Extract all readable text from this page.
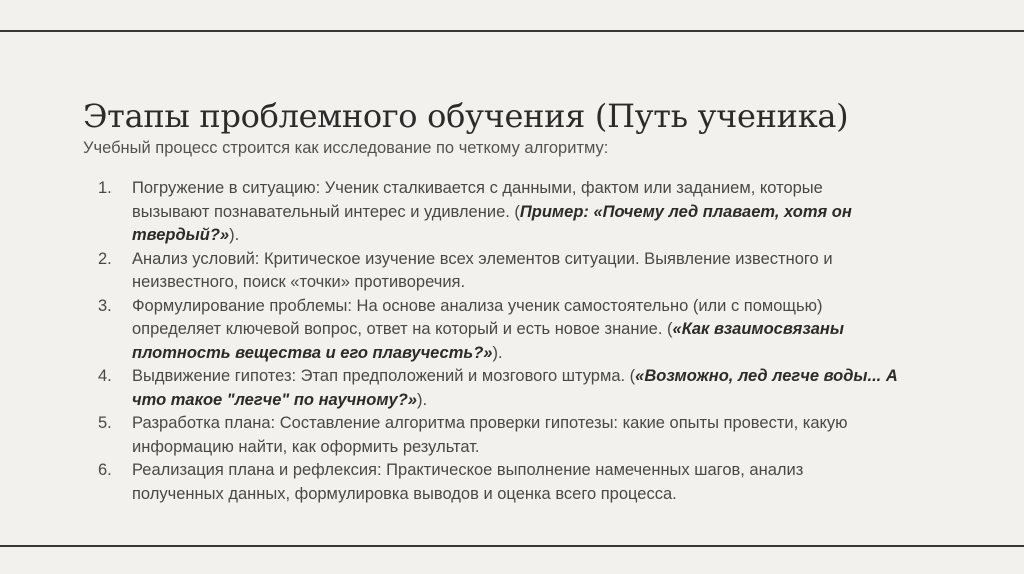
Этапы проблемного обучения (Путь ученика)

Учебный процесс строится как исследование по четкому алгоритму:

1. Погружение в ситуацию: Ученик сталкивается с данными, фактом или заданием, которые вызывают познавательный интерес и удивление. (Пример: «Почему лед плавает, хотя он твердый?»).
2. Анализ условий: Критическое изучение всех элементов ситуации. Выявление известного и неизвестного, поиск «точки» противоречия.
3. Формулирование проблемы: На основе анализа ученик самостоятельно (или с помощью) определяет ключевой вопрос, ответ на который и есть новое знание. («Как взаимосвязаны плотность вещества и его плавучесть?»).
4. Выдвижение гипотез: Этап предположений и мозгового штурма. («Возможно, лед легче воды... А что такое "легче" по научному?»).
5. Разработка плана: Составление алгоритма проверки гипотезы: какие опыты провести, какую информацию найти, как оформить результат.
6. Реализация плана и рефлексия: Практическое выполнение намеченных шагов, анализ полученных данных, формулировка выводов и оценка всего процесса.
